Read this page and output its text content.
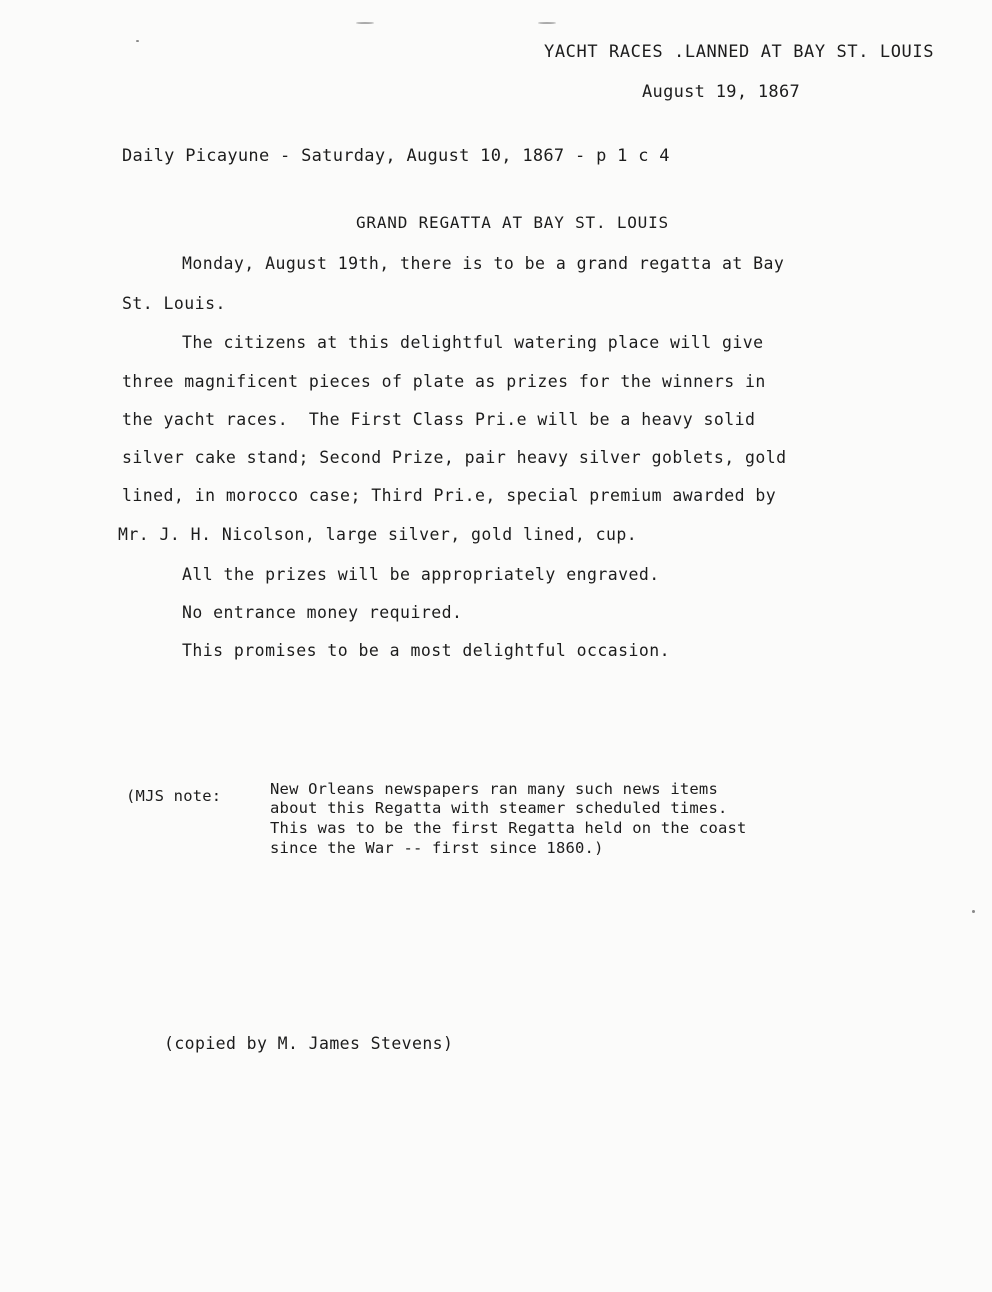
YACHT RACES .LANNED AT BAY ST. LOUIS
August 19, 1867
Daily Picayune - Saturday, August 10, 1867 - p 1 c 4
GRAND REGATTA AT BAY ST. LOUIS
Monday, August 19th, there is to be a grand regatta at Bay
St. Louis.
The citizens at this delightful watering place will give
three magnificent pieces of plate as prizes for the winners in
the yacht races.  The First Class Pri.e will be a heavy solid
silver cake stand; Second Prize, pair heavy silver goblets, gold
lined, in morocco case; Third Pri.e, special premium awarded by
Mr. J. H. Nicolson, large silver, gold lined, cup.
All the prizes will be appropriately engraved.
No entrance money required.
This promises to be a most delightful occasion.
(MJS note:	New Orleans newspapers ran many such news items
about this Regatta with steamer scheduled times.
This was to be the first Regatta held on the coast
since the War -- first since 1860.)
(copied by M. James Stevens)
